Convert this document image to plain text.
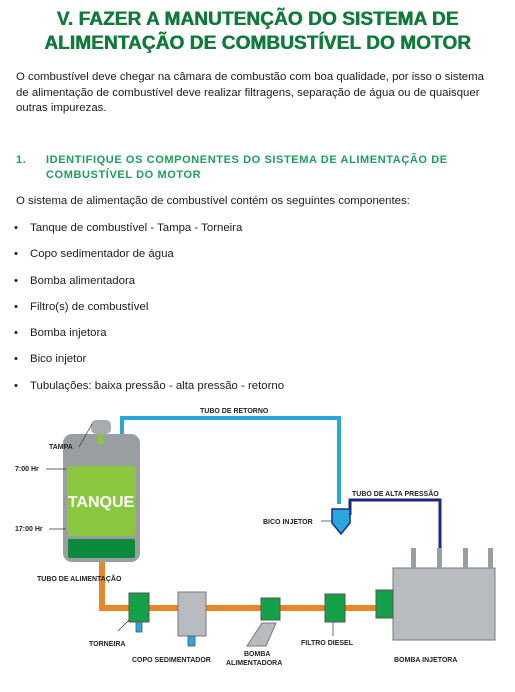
V. FAZER A MANUTENÇÃO DO SISTEMA DE
ALIMENTAÇÃO DE COMBUSTÍVEL DO MOTOR
O combustível deve chegar na câmara de combustão com boa qualidade, por isso o sistema
de alimentação de combustível deve realizar filtragens, separação de água ou de quaisquer
outras impurezas.
1. IDENTIFIQUE OS COMPONENTES DO SISTEMA DE ALIMENTAÇÃO DE
COMBUSTÍVEL DO MOTOR
O sistema de alimentação de combustível contém os seguintes componentes:
• Tanque de combustível - Tampa - Torneira
• Copo sedimentador de água
• Bomba alimentadora
• Filtro(s) de combustível
• Bomba injetora
• Bico injetor
• Tubulações: baixa pressão - alta pressão - retorno
TANQUE
TAMPA
7:00 Hr
17:00 Hr
TUBO DE RETORNO
TUBO DE ALTA PRESSÃO
BICO INJETOR
TUBO DE ALIMENTAÇÃO
TORNEIRA
COPO SEDIMENTADOR
BOMBA
ALIMENTADORA
FILTRO DIESEL
BOMBA INJETORA
